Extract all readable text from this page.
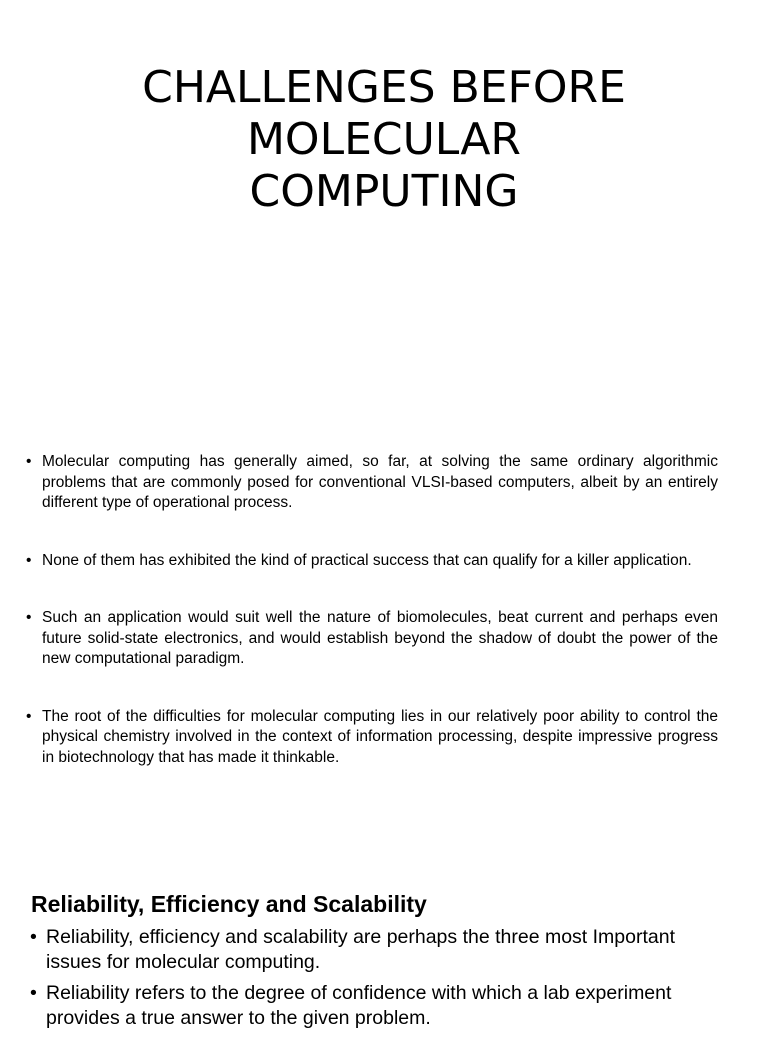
CHALLENGES BEFORE
MOLECULAR
COMPUTING
• Molecular computing has generally aimed, so far, at solving the same ordinary algorithmic problems that are commonly posed for conventional VLSI-based computers, albeit by an entirely different type of operational process.
• None of them has exhibited the kind of practical success that can qualify for a killer application.
• Such an application would suit well the nature of biomolecules, beat current and perhaps even future solid-state electronics, and would establish beyond the shadow of doubt the power of the new computational paradigm.
• The root of the difficulties for molecular computing lies in our relatively poor ability to control the physical chemistry involved in the context of information processing, despite impressive progress in biotechnology that has made it thinkable.
Reliability, Efficiency and Scalability
• Reliability, efficiency and scalability are perhaps the three most Important issues for molecular computing.
• Reliability refers to the degree of confidence with which a lab experiment provides a true answer to the given problem.
